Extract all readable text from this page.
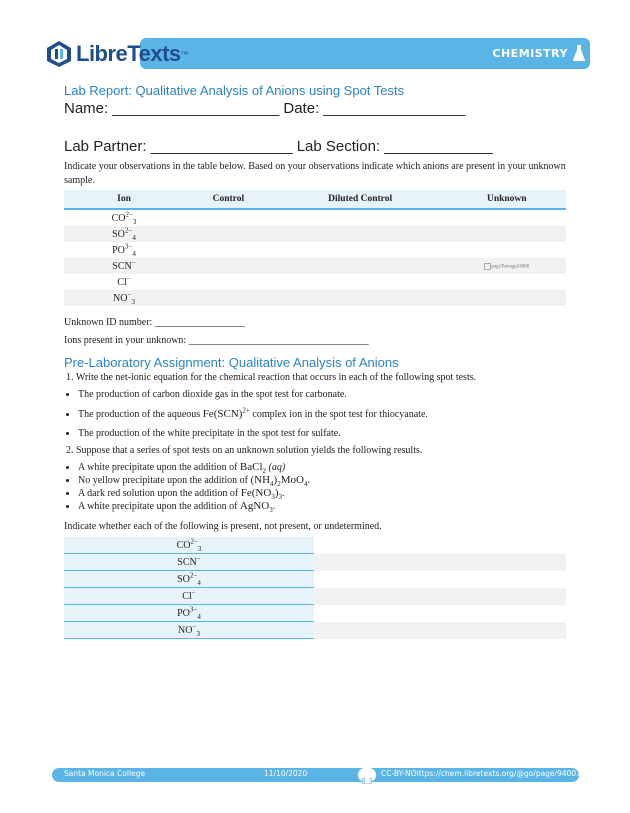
LibreTexts ™	CHEMISTRY
Lab Report: Qualitative Analysis of Anions using Spot Tests
Name: ____________________ Date: _________________
Lab Partner: _________________ Lab Section: _____________
Indicate your observations in the table below. Based on your observations indicate which anions are present in your unknown sample.
Ion	Control	Diluted Control	Unknown
$CO^{2-}_3$			
$SO^{2-}_4$			
$PO^{3-}_4$			
SCN−			pageTemage24808
Cl−			
$NO^-_3$			
Unknown ID number: __________________
Ions present in your unknown: ____________________________________
Pre-Laboratory Assignment: Qualitative Analysis of Anions
1. Write the net-ionic equation for the chemical reaction that occurs in each of the following spot tests.
• The production of carbon dioxide gas in the spot test for carbonate.
• The production of the aqueous Fe(SCN)$^{2+}$ complex ion in the spot test for thiocyanate.
• The production of the white precipitate in the spot test for sulfate.
2. Suppose that a series of spot tests on an unknown solution yields the following results.
• A white precipitate upon the addition of BaCl$_2$ (aq)
• No yellow precipitate upon the addition of $(NH_4)_2MoO_4$.
• A dark red solution upon the addition of $Fe(NO_3)_3$.
• A white precipitate upon the addition of AgNO$_3$.
Indicate whether each of the following is present, not present, or undetermined.
$CO^{2-}_3$	
SCN−	
$SO^{2-}_4$	
Cl−	
$PO^{3-}_4$	
$NO^-_3$	
Santa Monica College	11/10/2020
8.3
CC-BY-NC
https://chem.libretexts.org/@go/page/94007
